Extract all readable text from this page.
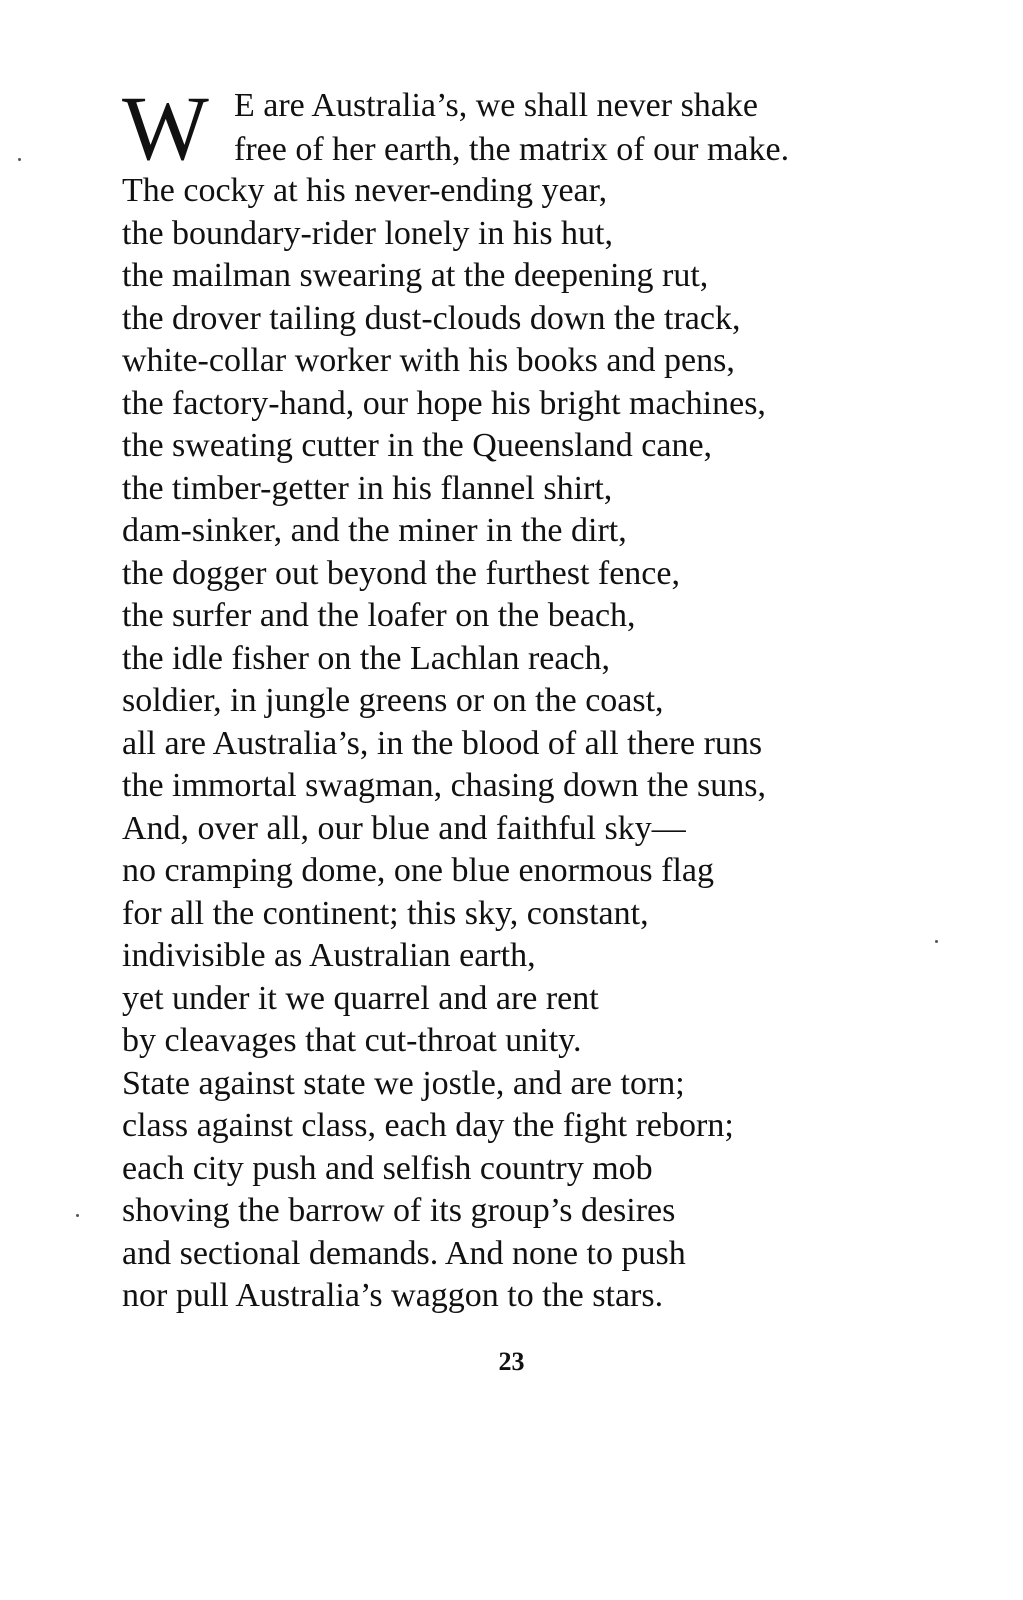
W E are Australia’s, we shall never shake
free of her earth, the matrix of our make.
The cocky at his never-ending year,
the boundary-rider lonely in his hut,
the mailman swearing at the deepening rut,
the drover tailing dust-clouds down the track,
white-collar worker with his books and pens,
the factory-hand, our hope his bright machines,
the sweating cutter in the Queensland cane,
the timber-getter in his flannel shirt,
dam-sinker, and the miner in the dirt,
the dogger out beyond the furthest fence,
the surfer and the loafer on the beach,
the idle fisher on the Lachlan reach,
soldier, in jungle greens or on the coast,
all are Australia’s, in the blood of all there runs
the immortal swagman, chasing down the suns,
And, over all, our blue and faithful sky—
no cramping dome, one blue enormous flag
for all the continent; this sky, constant,
indivisible as Australian earth,
yet under it we quarrel and are rent
by cleavages that cut-throat unity.
State against state we jostle, and are torn;
class against class, each day the fight reborn;
each city push and selfish country mob
shoving the barrow of its group’s desires
and sectional demands. And none to push
nor pull Australia’s waggon to the stars.
23
